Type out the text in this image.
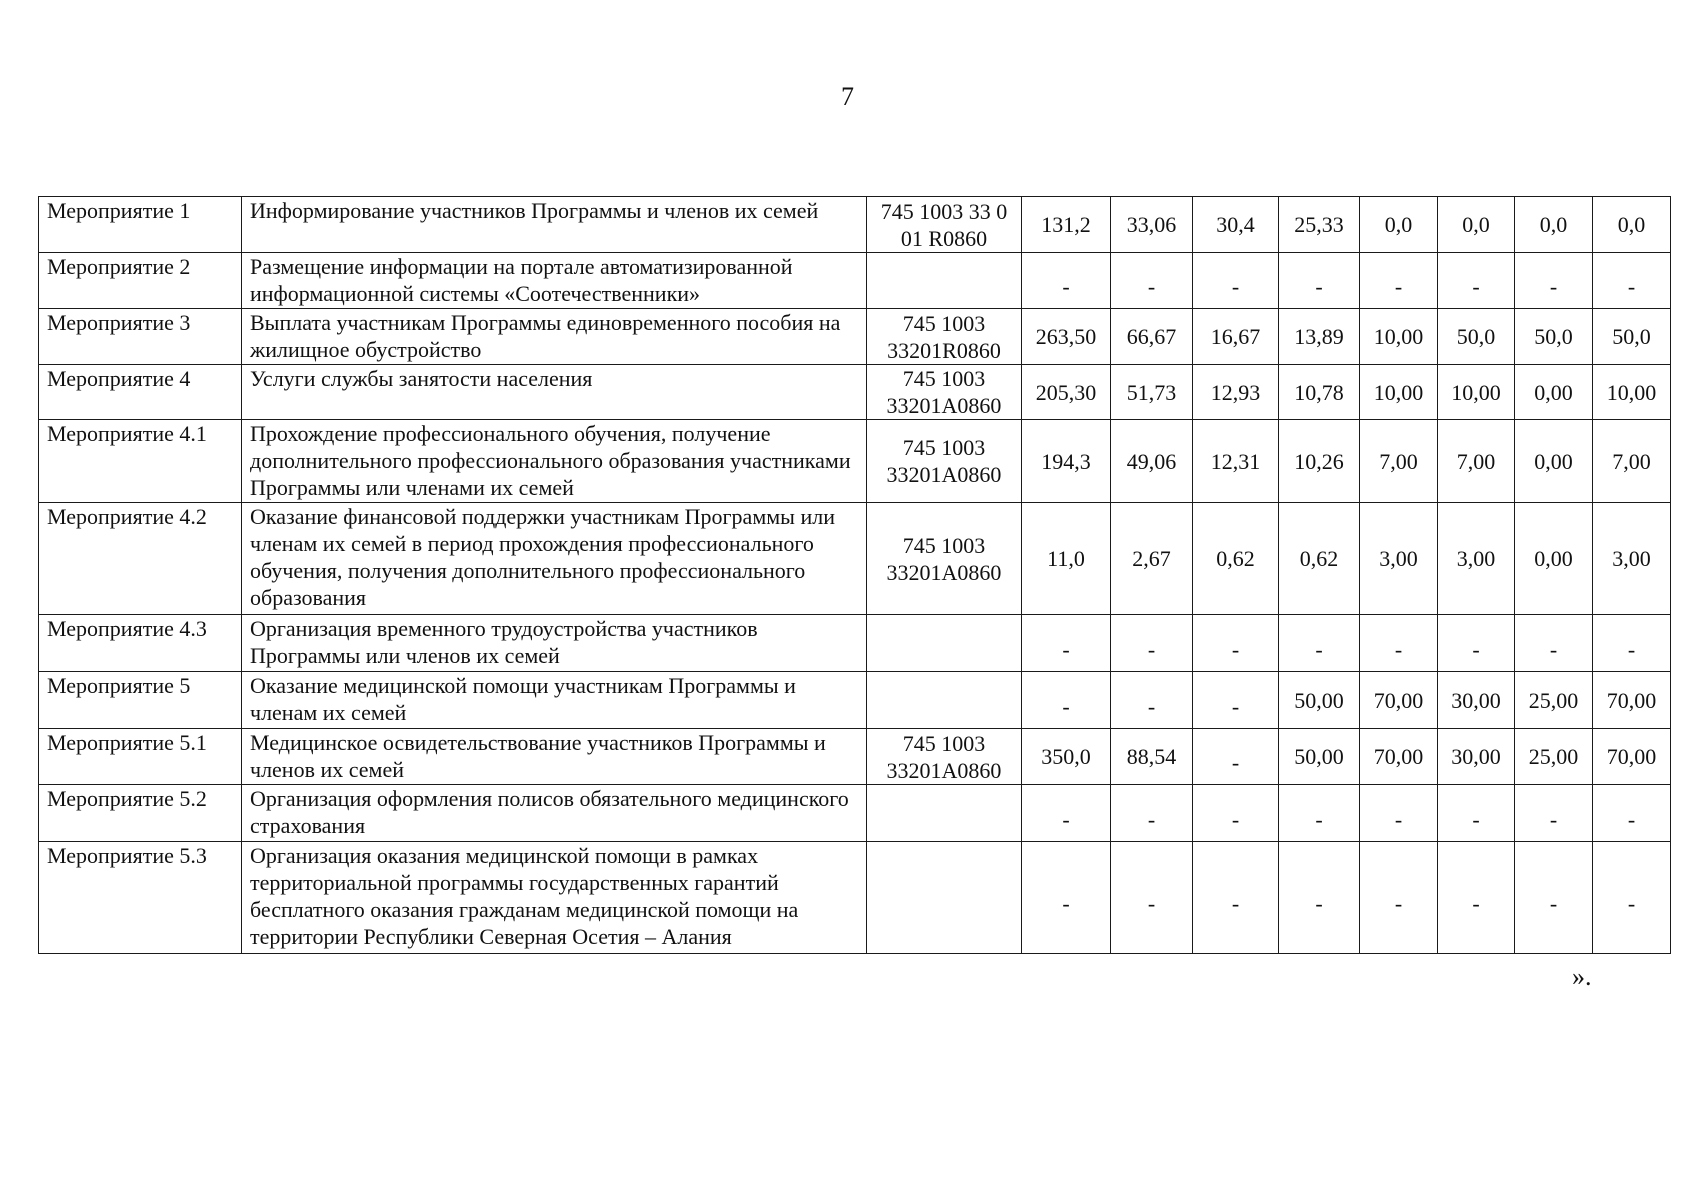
7
Мероприятие 1	Информирование участников Программы и членов их семей	745 1003 33 0 01 R0860	131,2	33,06	30,4	25,33	0,0	0,0	0,0	0,0
Мероприятие 2	Размещение информации на портале автоматизированной информационной системы «Соотечественники»		-	-	-	-	-	-	-	-
Мероприятие 3	Выплата участникам Программы единовременного пособия на жилищное обустройство	745 1003 33201R0860	263,50	66,67	16,67	13,89	10,00	50,0	50,0	50,0
Мероприятие 4	Услуги службы занятости населения	745 1003 33201А0860	205,30	51,73	12,93	10,78	10,00	10,00	0,00	10,00
Мероприятие 4.1	Прохождение профессионального обучения, получение дополнительного профессионального образования участниками Программы или членами их семей	745 1003 33201А0860	194,3	49,06	12,31	10,26	7,00	7,00	0,00	7,00
Мероприятие 4.2	Оказание финансовой поддержки участникам Программы или членам их семей в период прохождения профессионального обучения, получения дополнительного профессионального образования	745 1003 33201А0860	11,0	2,67	0,62	0,62	3,00	3,00	0,00	3,00
Мероприятие 4.3	Организация временного трудоустройства участников Программы или членов их семей		-	-	-	-	-	-	-	-
Мероприятие 5	Оказание медицинской помощи участникам Программы и членам их семей		-	-	-	50,00	70,00	30,00	25,00	70,00
Мероприятие 5.1	Медицинское освидетельствование участников Программы и членов их семей	745 1003 33201А0860	350,0	88,54	-	50,00	70,00	30,00	25,00	70,00
Мероприятие 5.2	Организация оформления полисов обязательного медицинского страхования		-	-	-	-	-	-	-	-
Мероприятие 5.3	Организация оказания медицинской помощи в рамках территориальной программы государственных гарантий бесплатного оказания гражданам медицинской помощи на территории Республики Северная Осетия – Алания		-	-	-	-	-	-	-	-
».
